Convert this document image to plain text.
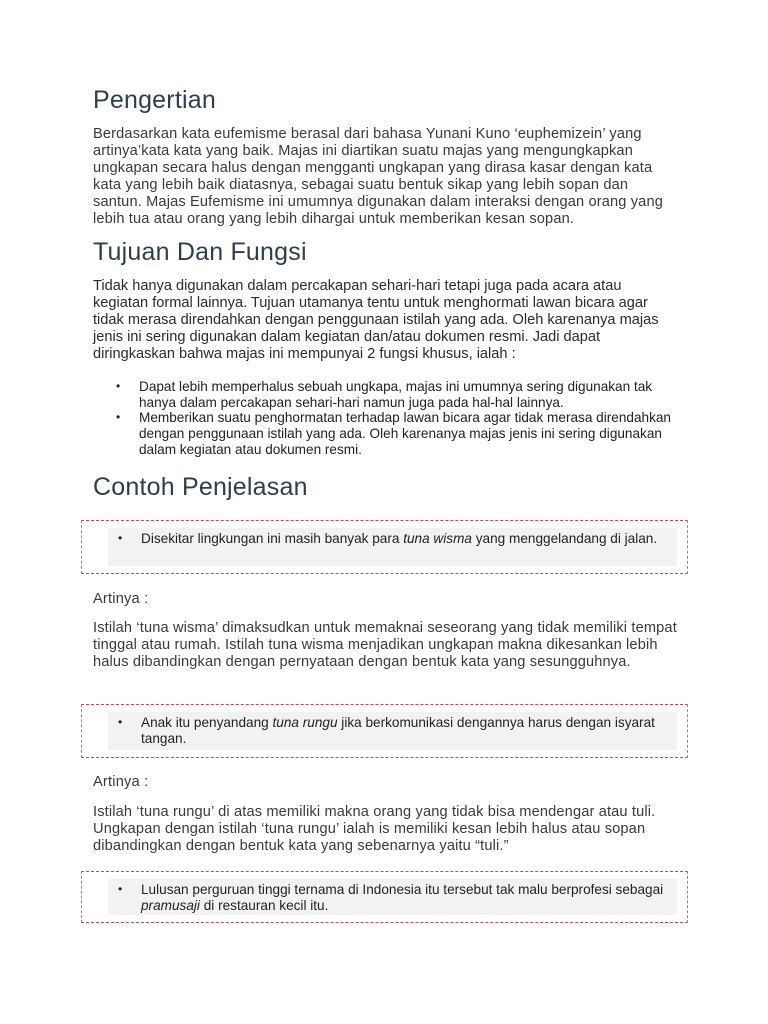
Pengertian

Berdasarkan kata eufemisme berasal dari bahasa Yunani Kuno ‘euphemizein’ yang artinya’kata kata yang baik. Majas ini diartikan suatu majas yang mengungkapkan ungkapan secara halus dengan mengganti ungkapan yang dirasa kasar dengan kata kata yang lebih baik diatasnya, sebagai suatu bentuk sikap yang lebih sopan dan santun. Majas Eufemisme ini umumnya digunakan dalam interaksi dengan orang yang lebih tua atau orang yang lebih dihargai untuk memberikan kesan sopan.

Tujuan Dan Fungsi

Tidak hanya digunakan dalam percakapan sehari-hari tetapi juga pada acara atau kegiatan formal lainnya. Tujuan utamanya tentu untuk menghormati lawan bicara agar tidak merasa direndahkan dengan penggunaan istilah yang ada. Oleh karenanya majas jenis ini sering digunakan dalam kegiatan dan/atau dokumen resmi. Jadi dapat diringkaskan bahwa majas ini mempunyai 2 fungsi khusus, ialah :

• Dapat lebih memperhalus sebuah ungkapa, majas ini umumnya sering digunakan tak hanya dalam percakapan sehari-hari namun juga pada hal-hal lainnya.
• Memberikan suatu penghormatan terhadap lawan bicara agar tidak merasa direndahkan dengan penggunaan istilah yang ada. Oleh karenanya majas jenis ini sering digunakan dalam kegiatan atau dokumen resmi.
Contoh Penjelasan
• Disekitar lingkungan ini masih banyak para tuna wisma yang menggelandang di jalan.

Artinya :

Istilah ‘tuna wisma’ dimaksudkan untuk memaknai seseorang yang tidak memiliki tempat tinggal atau rumah. Istilah tuna wisma menjadikan ungkapan makna dikesankan lebih halus dibandingkan dengan pernyataan dengan bentuk kata yang sesungguhnya.

• Anak itu penyandang tuna rungu jika berkomunikasi dengannya harus dengan isyarat tangan.

Artinya :

Istilah ‘tuna rungu’ di atas memiliki makna orang yang tidak bisa mendengar atau tuli. Ungkapan dengan istilah ‘tuna rungu’ ialah is memiliki kesan lebih halus atau sopan dibandingkan dengan bentuk kata yang sebenarnya yaitu “tuli.”

• Lulusan perguruan tinggi ternama di Indonesia itu tersebut tak malu berprofesi sebagai pramusaji di restauran kecil itu.
